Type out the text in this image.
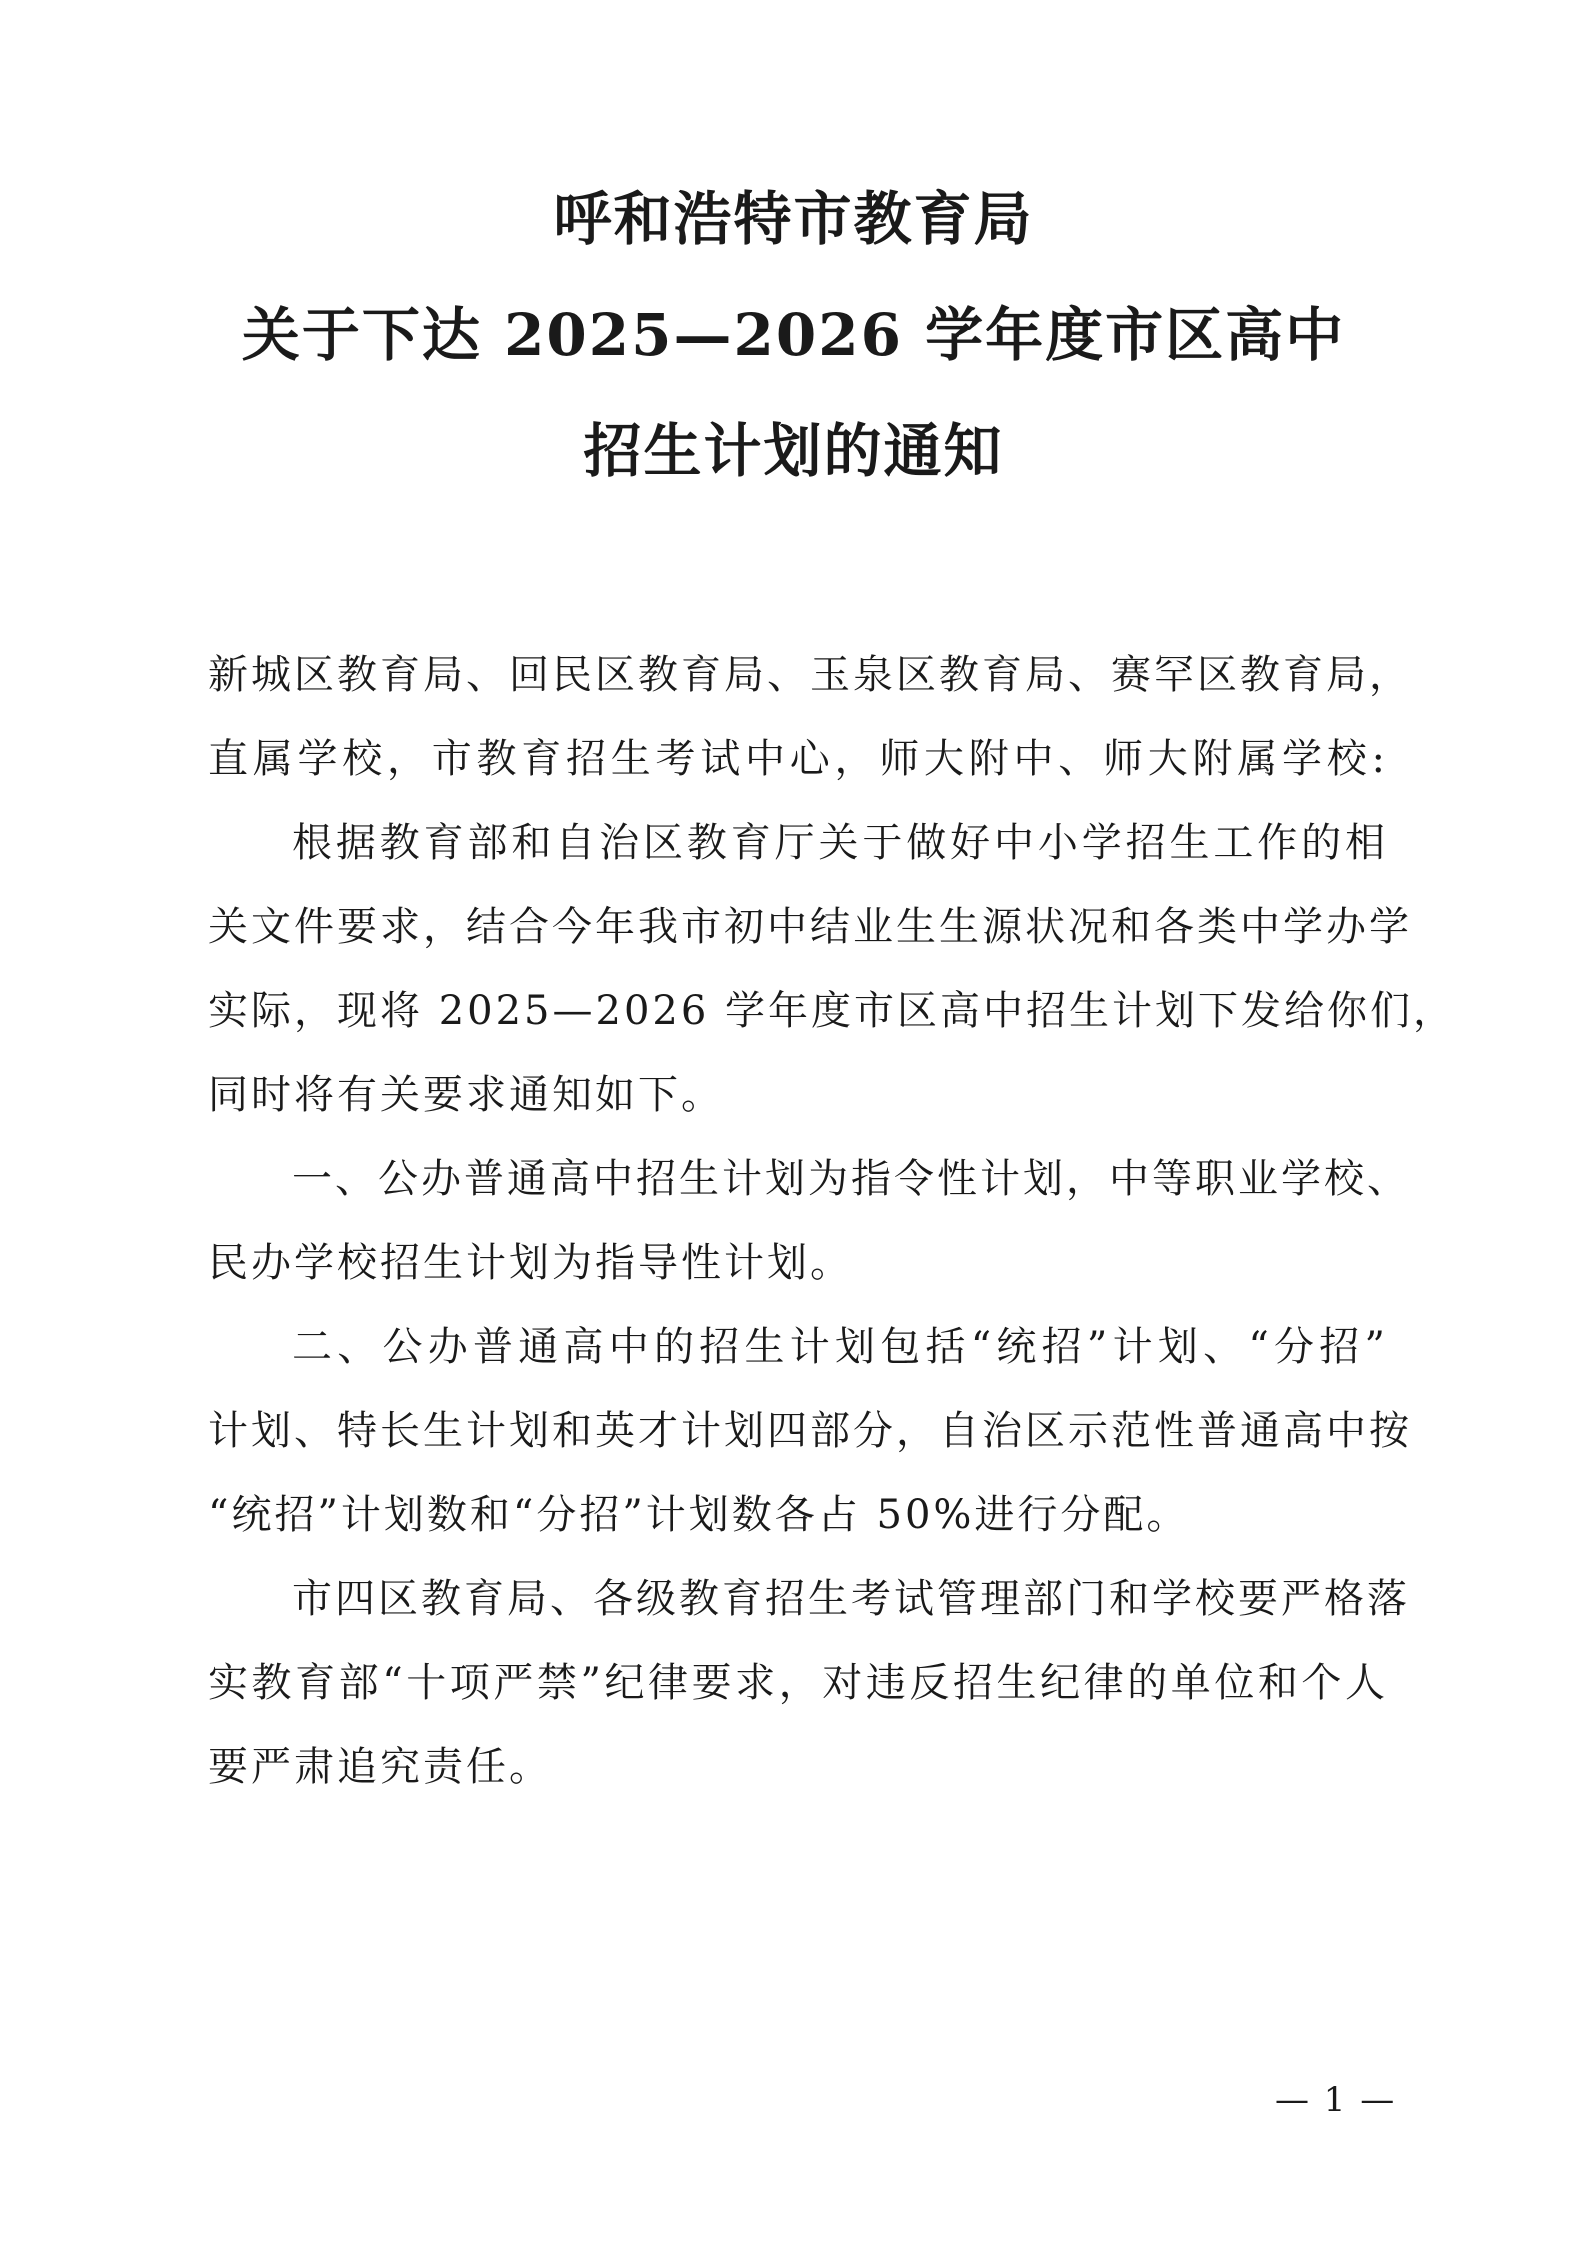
呼和浩特市教育局
关于下达 2025—2026 学年度市区高中
招生计划的通知
新城区教育局、回民区教育局、玉泉区教育局、赛罕区教育局，
直属学校，市教育招生考试中心，师大附中、师大附属学校:
根据教育部和自治区教育厅关于做好中小学招生工作的相
关文件要求，结合今年我市初中结业生生源状况和各类中学办学
实际，现将 2025—2026 学年度市区高中招生计划下发给你们，
同时将有关要求通知如下。
一、公办普通高中招生计划为指令性计划，中等职业学校、
民办学校招生计划为指导性计划。
二、公办普通高中的招生计划包括“统招”计划、“分招”
计划、特长生计划和英才计划四部分，自治区示范性普通高中按
“统招”计划数和“分招”计划数各占 50%进行分配。
市四区教育局、各级教育招生考试管理部门和学校要严格落
实教育部“十项严禁”纪律要求，对违反招生纪律的单位和个人
要严肃追究责任。
— 1 —
